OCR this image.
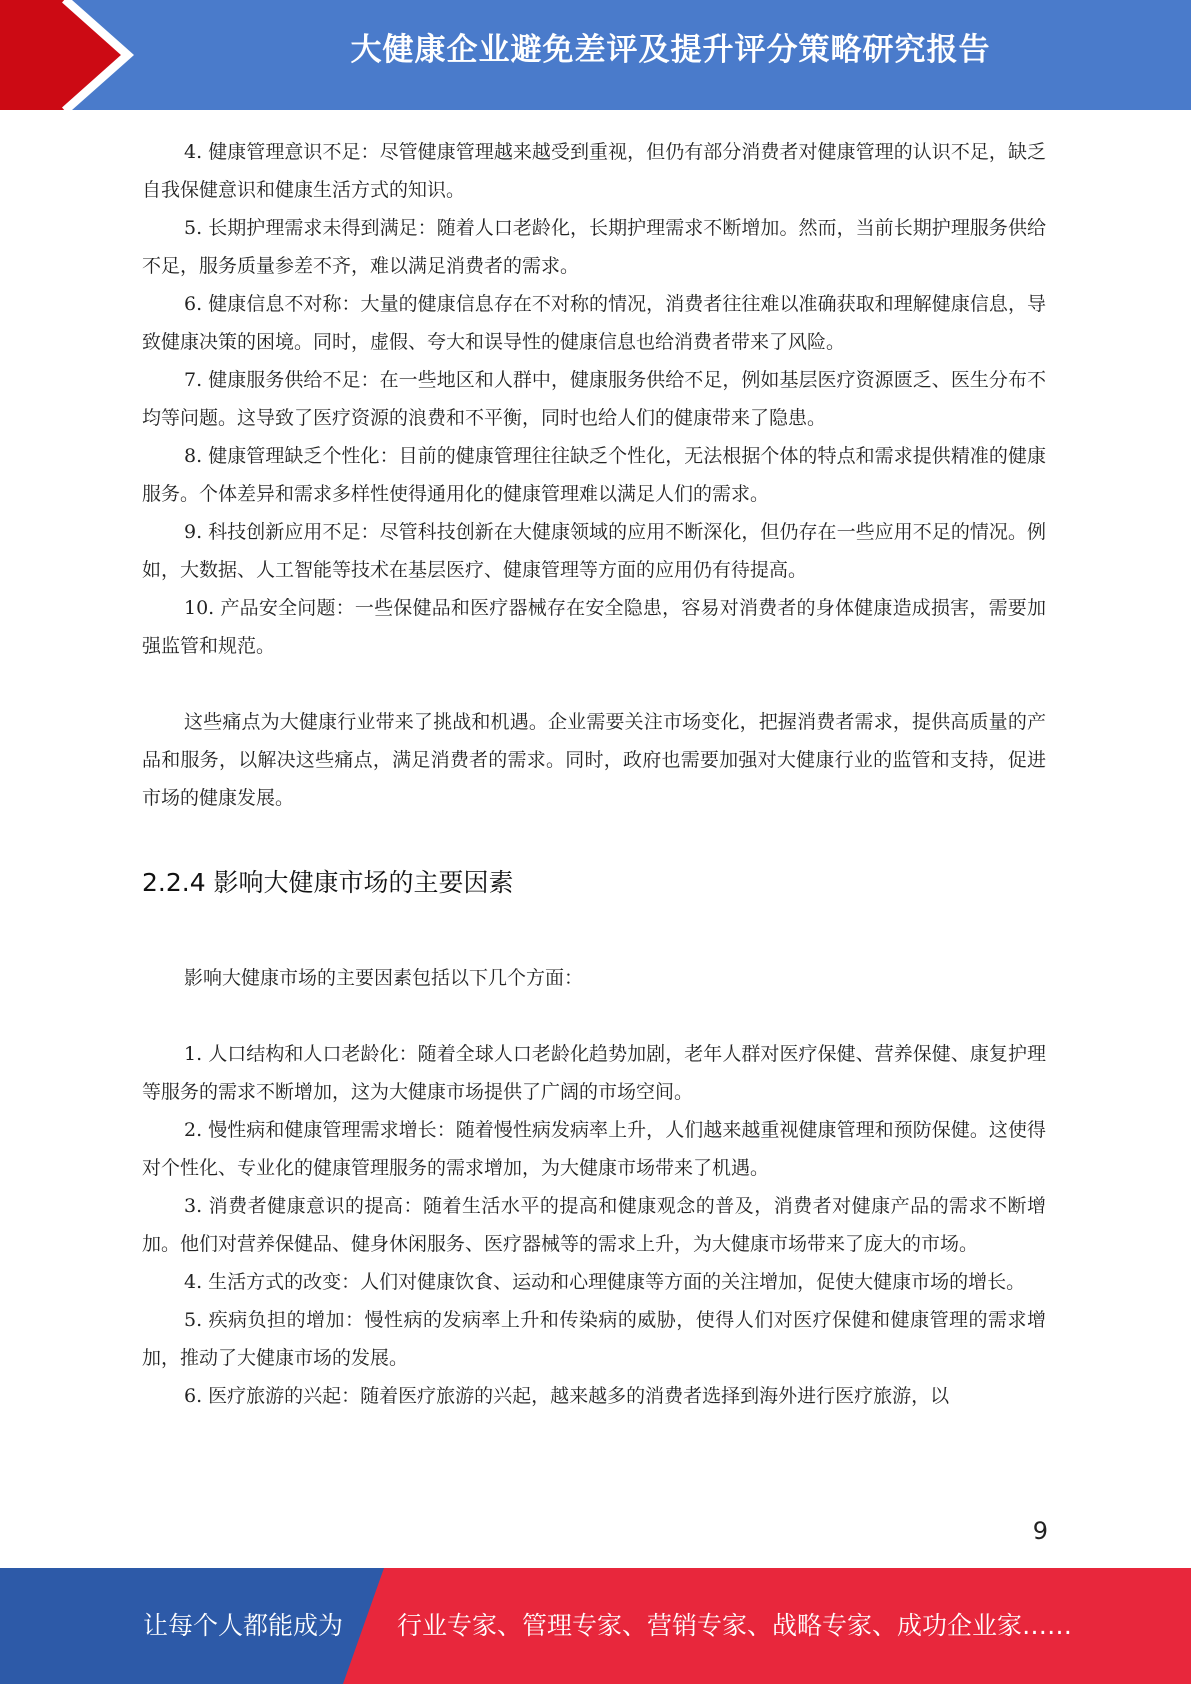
大健康企业避免差评及提升评分策略研究报告

4. 健康管理意识不足：尽管健康管理越来越受到重视，但仍有部分消费者对健康管理的认识不足，缺乏自我保健意识和健康生活方式的知识。

5. 长期护理需求未得到满足：随着人口老龄化，长期护理需求不断增加。然而，当前长期护理服务供给不足，服务质量参差不齐，难以满足消费者的需求。

6. 健康信息不对称：大量的健康信息存在不对称的情况，消费者往往难以准确获取和理解健康信息，导致健康决策的困境。同时，虚假、夸大和误导性的健康信息也给消费者带来了风险。

7. 健康服务供给不足：在一些地区和人群中，健康服务供给不足，例如基层医疗资源匮乏、医生分布不均等问题。这导致了医疗资源的浪费和不平衡，同时也给人们的健康带来了隐患。

8. 健康管理缺乏个性化：目前的健康管理往往缺乏个性化，无法根据个体的特点和需求提供精准的健康服务。个体差异和需求多样性使得通用化的健康管理难以满足人们的需求。

9. 科技创新应用不足：尽管科技创新在大健康领域的应用不断深化，但仍存在一些应用不足的情况。例如，大数据、人工智能等技术在基层医疗、健康管理等方面的应用仍有待提高。

10. 产品安全问题：一些保健品和医疗器械存在安全隐患，容易对消费者的身体健康造成损害，需要加强监管和规范。

这些痛点为大健康行业带来了挑战和机遇。企业需要关注市场变化，把握消费者需求，提供高质量的产品和服务，以解决这些痛点，满足消费者的需求。同时，政府也需要加强对大健康行业的监管和支持，促进市场的健康发展。

2.2.4 影响大健康市场的主要因素

影响大健康市场的主要因素包括以下几个方面：

1. 人口结构和人口老龄化：随着全球人口老龄化趋势加剧，老年人群对医疗保健、营养保健、康复护理等服务的需求不断增加，这为大健康市场提供了广阔的市场空间。

2. 慢性病和健康管理需求增长：随着慢性病发病率上升，人们越来越重视健康管理和预防保健。这使得对个性化、专业化的健康管理服务的需求增加，为大健康市场带来了机遇。

3. 消费者健康意识的提高：随着生活水平的提高和健康观念的普及，消费者对健康产品的需求不断增加。他们对营养保健品、健身休闲服务、医疗器械等的需求上升，为大健康市场带来了庞大的市场。

4. 生活方式的改变：人们对健康饮食、运动和心理健康等方面的关注增加，促使大健康市场的增长。

5. 疾病负担的增加：慢性病的发病率上升和传染病的威胁，使得人们对医疗保健和健康管理的需求增加，推动了大健康市场的发展。

6. 医疗旅游的兴起：随着医疗旅游的兴起，越来越多的消费者选择到海外进行医疗旅游，以

9
让每个人都能成为 行业专家、管理专家、营销专家、战略专家、成功企业家……
